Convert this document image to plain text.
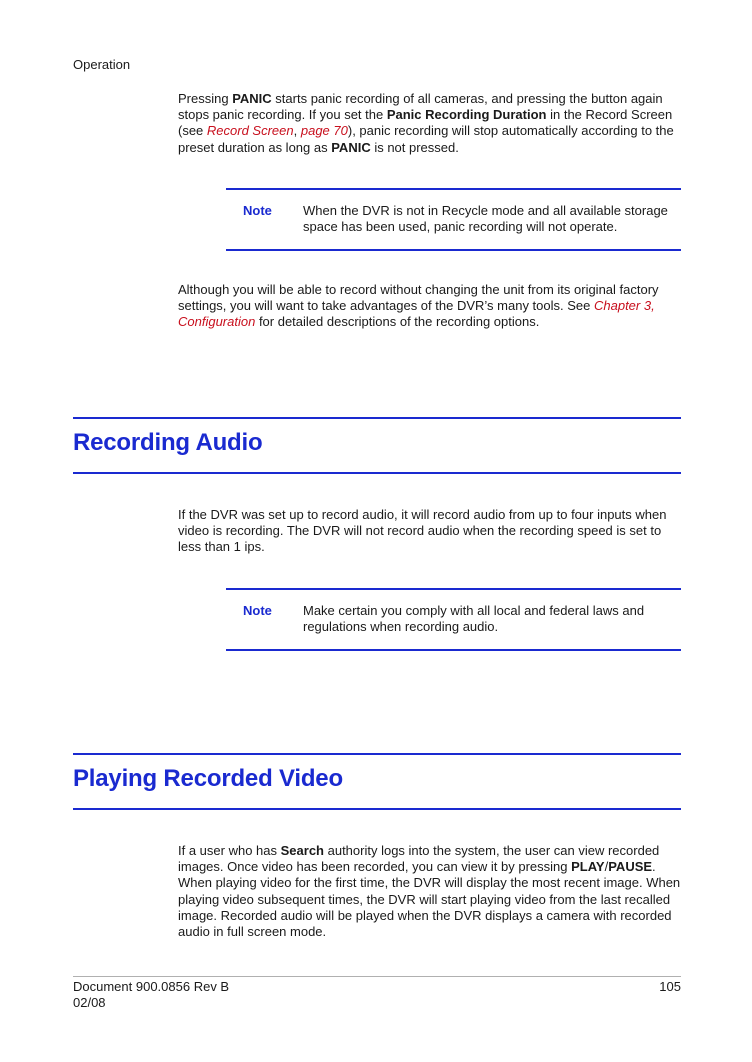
Operation
Pressing PANIC starts panic recording of all cameras, and pressing the button again stops panic recording. If you set the Panic Recording Duration in the Record Screen (see Record Screen, page 70), panic recording will stop automatically according to the preset duration as long as PANIC is not pressed.
Note When the DVR is not in Recycle mode and all available storage space has been used, panic recording will not operate.
Although you will be able to record without changing the unit from its original factory settings, you will want to take advantages of the DVR’s many tools. See Chapter 3, Configuration for detailed descriptions of the recording options.
Recording Audio
If the DVR was set up to record audio, it will record audio from up to four inputs when video is recording. The DVR will not record audio when the recording speed is set to less than 1 ips.
Note Make certain you comply with all local and federal laws and regulations when recording audio.
Playing Recorded Video
If a user who has Search authority logs into the system, the user can view recorded images. Once video has been recorded, you can view it by pressing PLAY/PAUSE. When playing video for the first time, the DVR will display the most recent image. When playing video subsequent times, the DVR will start playing video from the last recalled image. Recorded audio will be played when the DVR displays a camera with recorded audio in full screen mode.
Document 900.0856 Rev B
02/08
105
